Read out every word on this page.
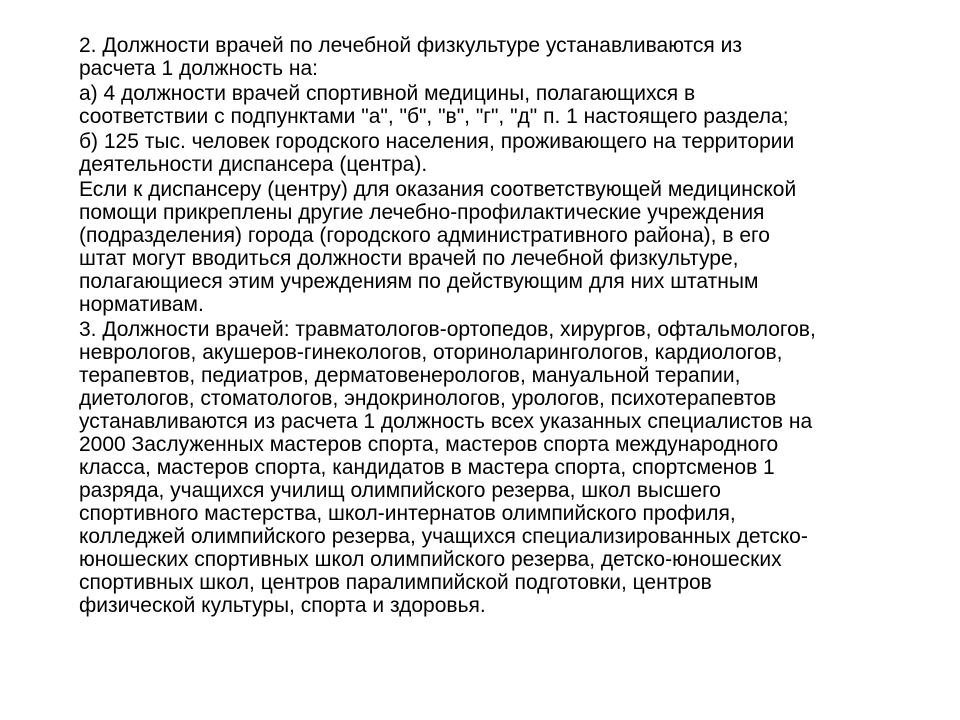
2. Должности врачей по лечебной физкультуре устанавливаются из
расчета 1 должность на:

а) 4 должности врачей спортивной медицины, полагающихся в
соответствии с подпунктами "а", "б", "в", "г", "д" п. 1 настоящего раздела;

б) 125 тыс. человек городского населения, проживающего на территории
деятельности диспансера (центра).

Если к диспансеру (центру) для оказания соответствующей медицинской
помощи прикреплены другие лечебно-профилактические учреждения
(подразделения) города (городского административного района), в его
штат могут вводиться должности врачей по лечебной физкультуре,
полагающиеся этим учреждениям по действующим для них штатным
нормативам.

3. Должности врачей: травматологов-ортопедов, хирургов, офтальмологов,
неврологов, акушеров-гинекологов, оториноларингологов, кардиологов,
терапевтов, педиатров, дерматовенерологов, мануальной терапии,
диетологов, стоматологов, эндокринологов, урологов, психотерапевтов
устанавливаются из расчета 1 должность всех указанных специалистов на
2000 Заслуженных мастеров спорта, мастеров спорта международного
класса, мастеров спорта, кандидатов в мастера спорта, спортсменов 1
разряда, учащихся училищ олимпийского резерва, школ высшего
спортивного мастерства, школ-интернатов олимпийского профиля,
колледжей олимпийского резерва, учащихся специализированных детско-
юношеских спортивных школ олимпийского резерва, детско-юношеских
спортивных школ, центров паралимпийской подготовки, центров
физической культуры, спорта и здоровья.
